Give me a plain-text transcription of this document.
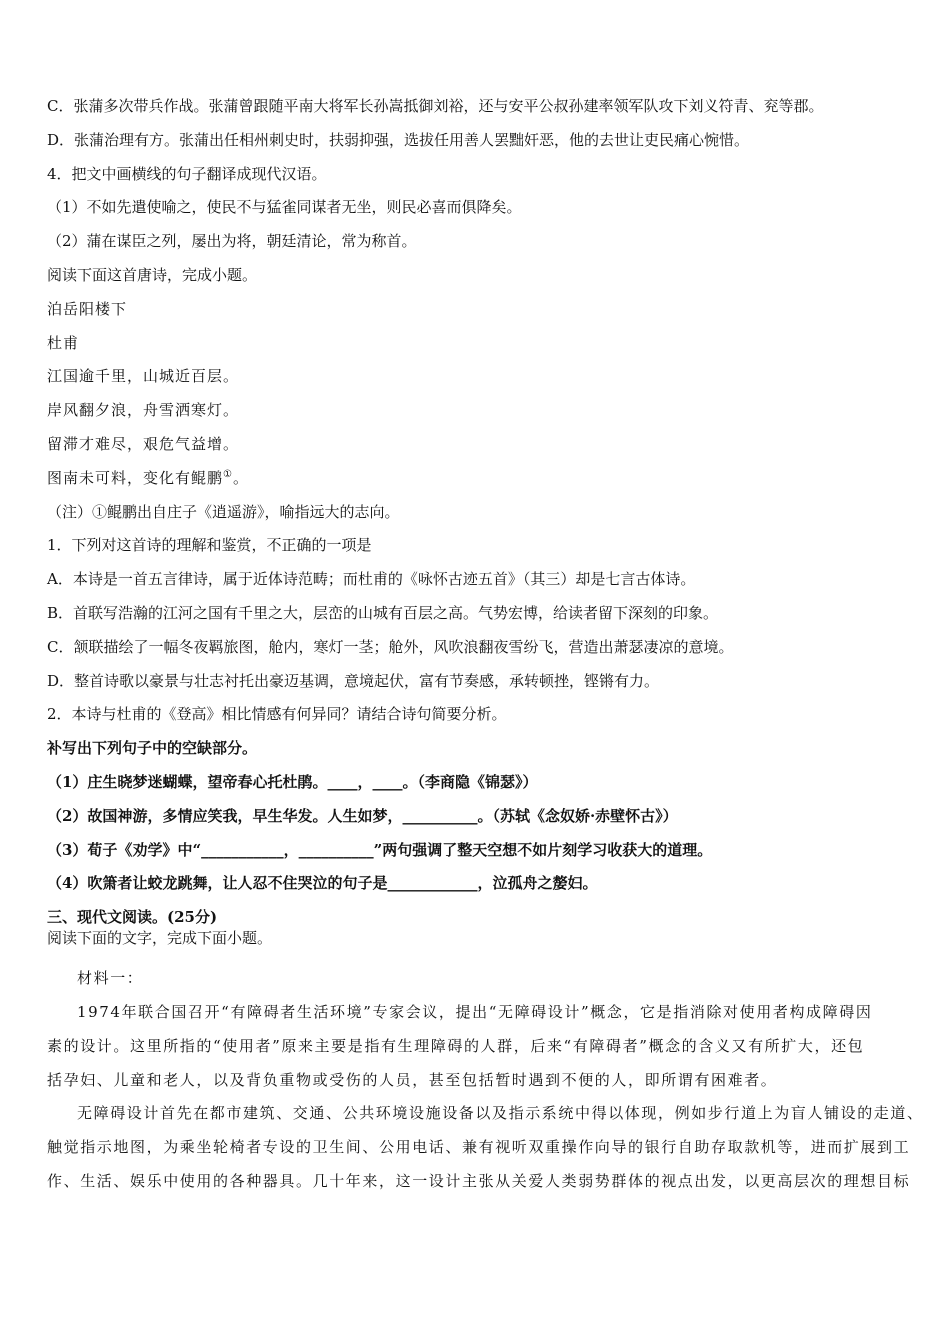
C．张蒲多次带兵作战。张蒲曾跟随平南大将军长孙嵩抵御刘裕，还与安平公叔孙建率领军队攻下刘义符青、兖等郡。
D．张蒲治理有方。张蒲出任相州刺史时，扶弱抑强，选拔任用善人罢黜奸恶，他的去世让吏民痛心惋惜。
4．把文中画横线的句子翻译成现代汉语。
（1）不如先遣使喻之，使民不与猛雀同谋者无坐，则民必喜而俱降矣。
（2）蒲在谋臣之列，屡出为将，朝廷清论，常为称首。
阅读下面这首唐诗，完成小题。
泊岳阳楼下
杜甫
江国逾千里，山城近百层。
岸风翻夕浪，舟雪洒寒灯。
留滞才难尽，艰危气益增。
图南未可料，变化有鲲鹏①。
（注）①鲲鹏出自庄子《逍遥游》，喻指远大的志向。
1．下列对这首诗的理解和鉴赏，不正确的一项是
A．本诗是一首五言律诗，属于近体诗范畴；而杜甫的《咏怀古迹五首》（其三）却是七言古体诗。
B．首联写浩瀚的江河之国有千里之大，层峦的山城有百层之高。气势宏博，给读者留下深刻的印象。
C．颔联描绘了一幅冬夜羁旅图，舱内，寒灯一茎；舱外，风吹浪翻夜雪纷飞，营造出萧瑟凄凉的意境。
D．整首诗歌以豪景与壮志衬托出豪迈基调，意境起伏，富有节奏感，承转顿挫，铿锵有力。
2．本诗与杜甫的《登高》相比情感有何异同？请结合诗句简要分析。
补写出下列句子中的空缺部分。
（1）庄生晓梦迷蝴蝶，望帝春心托杜鹃。____，____。（李商隐《锦瑟》）
（2）故国神游，多情应笑我，早生华发。人生如梦，__________。（苏轼《念奴娇·赤壁怀古》）
（3）荀子《劝学》中“___________，__________”两句强调了整天空想不如片刻学习收获大的道理。
（4）吹箫者让蛟龙跳舞，让人忍不住哭泣的句子是____________，泣孤舟之嫠妇。
三、现代文阅读。(25分)
阅读下面的文字，完成下面小题。
材料一：
1974年联合国召开“有障碍者生活环境”专家会议，提出“无障碍设计”概念，它是指消除对使用者构成障碍因
素的设计。这里所指的“使用者”原来主要是指有生理障碍的人群，后来“有障碍者”概念的含义又有所扩大，还包
括孕妇、儿童和老人，以及背负重物或受伤的人员，甚至包括暂时遇到不便的人，即所谓有困难者。
无障碍设计首先在都市建筑、交通、公共环境设施设备以及指示系统中得以体现，例如步行道上为盲人铺设的走道、
触觉指示地图，为乘坐轮椅者专设的卫生间、公用电话、兼有视听双重操作向导的银行自助存取款机等，进而扩展到工
作、生活、娱乐中使用的各种器具。几十年来，这一设计主张从关爱人类弱势群体的视点出发，以更高层次的理想目标
